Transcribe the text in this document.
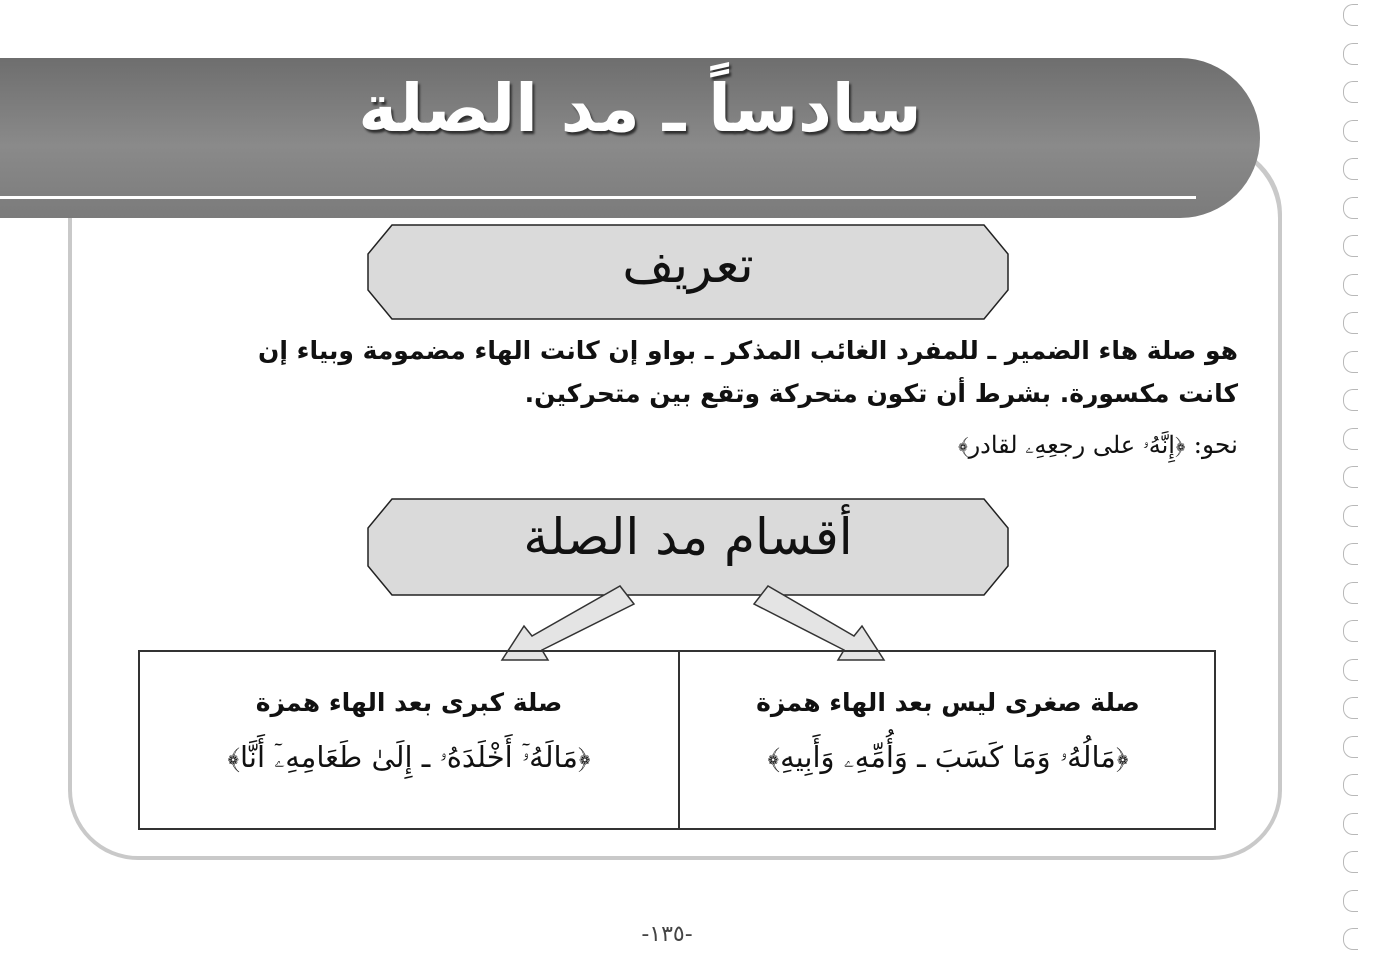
سادساً ـ مد الصلة
تعريف
هو صلة هاء الضمير ـ للمفرد الغائب المذكر ـ بواو إن كانت الهاء مضمومة وبياء إن
كانت مكسورة. بشرط أن تكون متحركة وتقع بين متحركين.
نحو: ﴿إِنَّهُۥ على رجعِهِۦ لقادر﴾
أقسام مد الصلة
صلة صغرى ليس بعد الهاء همزة
﴿مَالُهُۥ وَمَا كَسَبَ ـ وَأُمِّهِۦ وَأَبِيهِ﴾
صلة كبرى بعد الهاء همزة
﴿مَالَهُۥٓ أَخْلَدَهُۥ ـ إِلَىٰ طَعَامِهِۦٓ أَنَّا﴾
-١٣٥-
